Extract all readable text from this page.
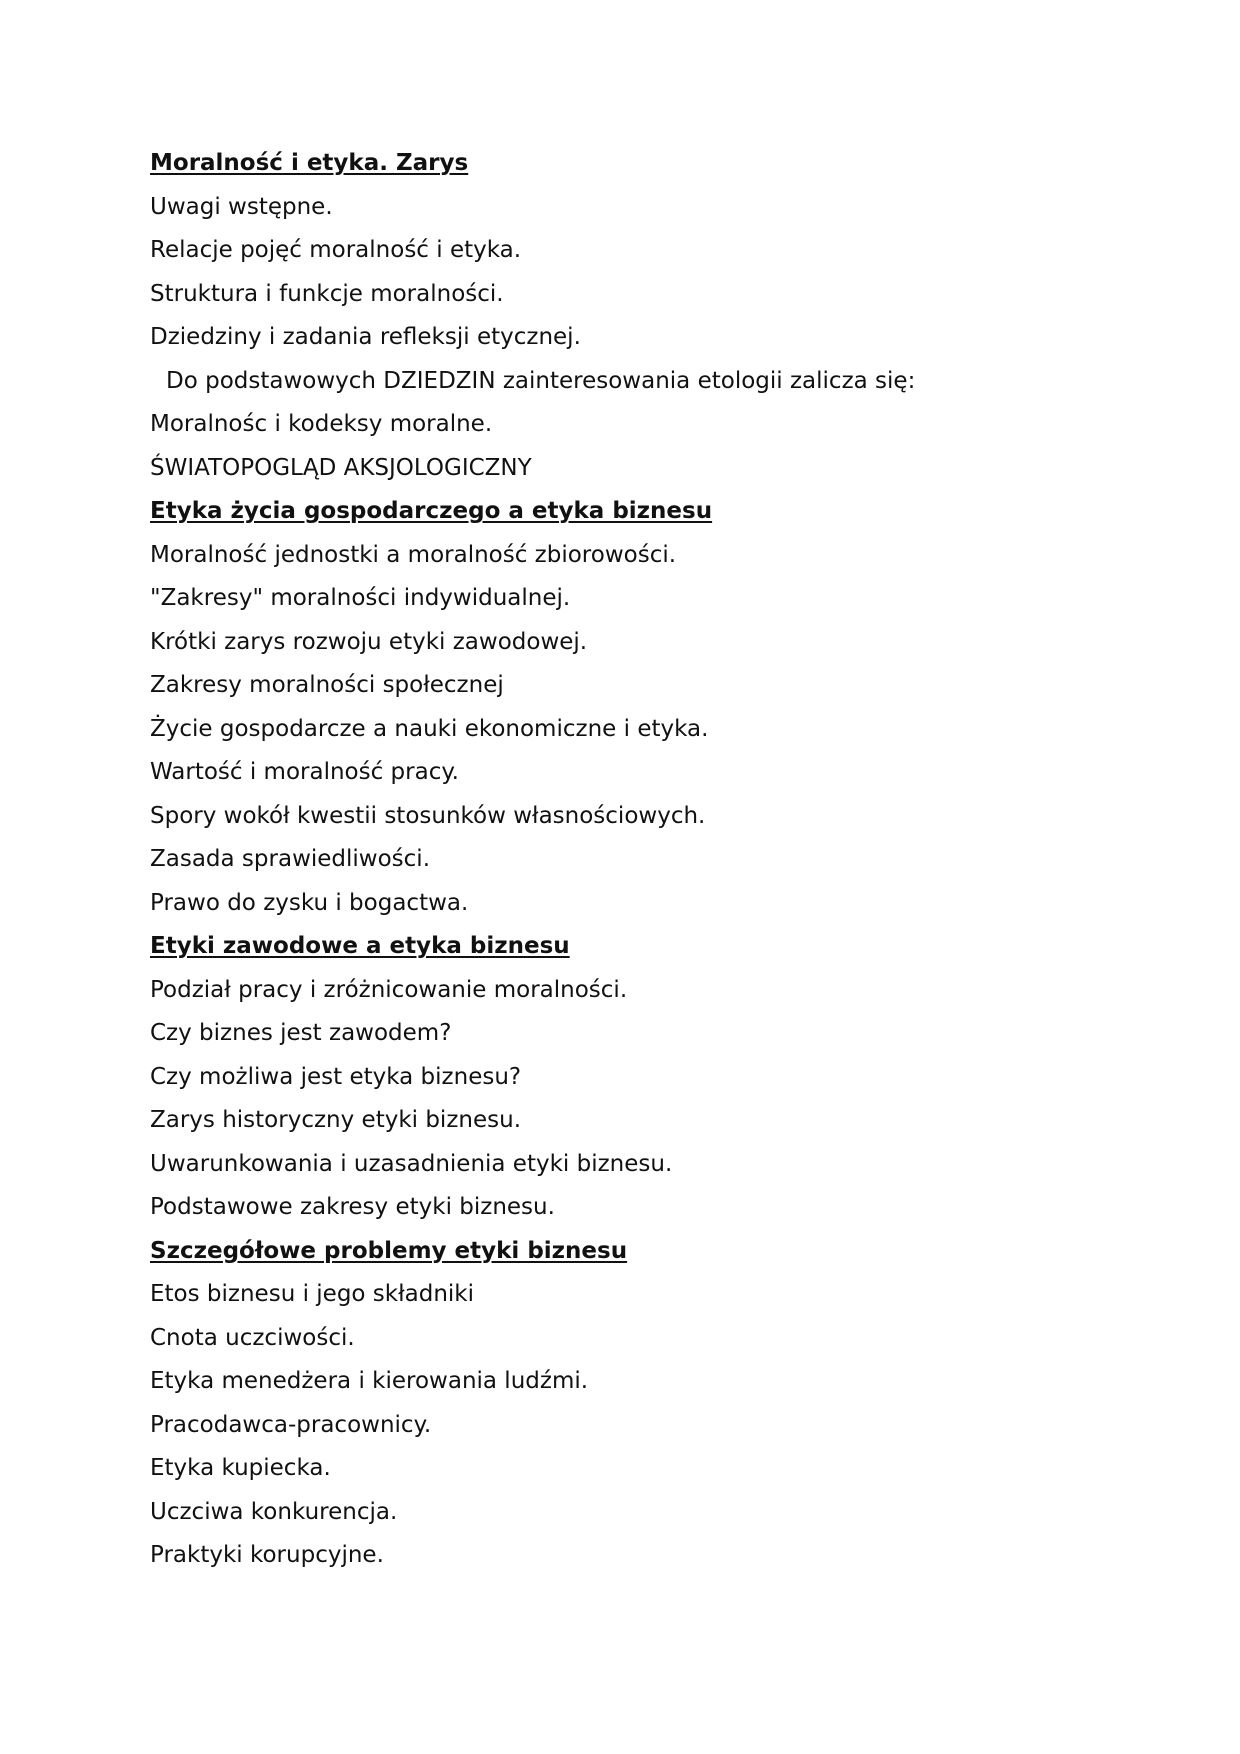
Moralność i etyka. Zarys
Uwagi wstępne.
Relacje pojęć moralność i etyka.
Struktura i funkcje moralności.
Dziedziny i zadania refleksji etycznej.
Do podstawowych DZIEDZIN zainteresowania etologii zalicza się:
Moralnośc i kodeksy moralne.
ŚWIATOPOGLĄD AKSJOLOGICZNY
Etyka życia gospodarczego a etyka biznesu
Moralność jednostki a moralność zbiorowości.
"Zakresy" moralności indywidualnej.
Krótki zarys rozwoju etyki zawodowej.
Zakresy moralności społecznej
Życie gospodarcze a nauki ekonomiczne i etyka.
Wartość i moralność pracy.
Spory wokół kwestii stosunków własnościowych.
Zasada sprawiedliwości.
Prawo do zysku i bogactwa.
Etyki zawodowe a etyka biznesu
Podział pracy i zróżnicowanie moralności.
Czy biznes jest zawodem?
Czy możliwa jest etyka biznesu?
Zarys historyczny etyki biznesu.
Uwarunkowania i uzasadnienia etyki biznesu.
Podstawowe zakresy etyki biznesu.
Szczegółowe problemy etyki biznesu
Etos biznesu i jego składniki
Cnota uczciwości.
Etyka menedżera i kierowania ludźmi.
Pracodawca-pracownicy.
Etyka kupiecka.
Uczciwa konkurencja.
Praktyki korupcyjne.
